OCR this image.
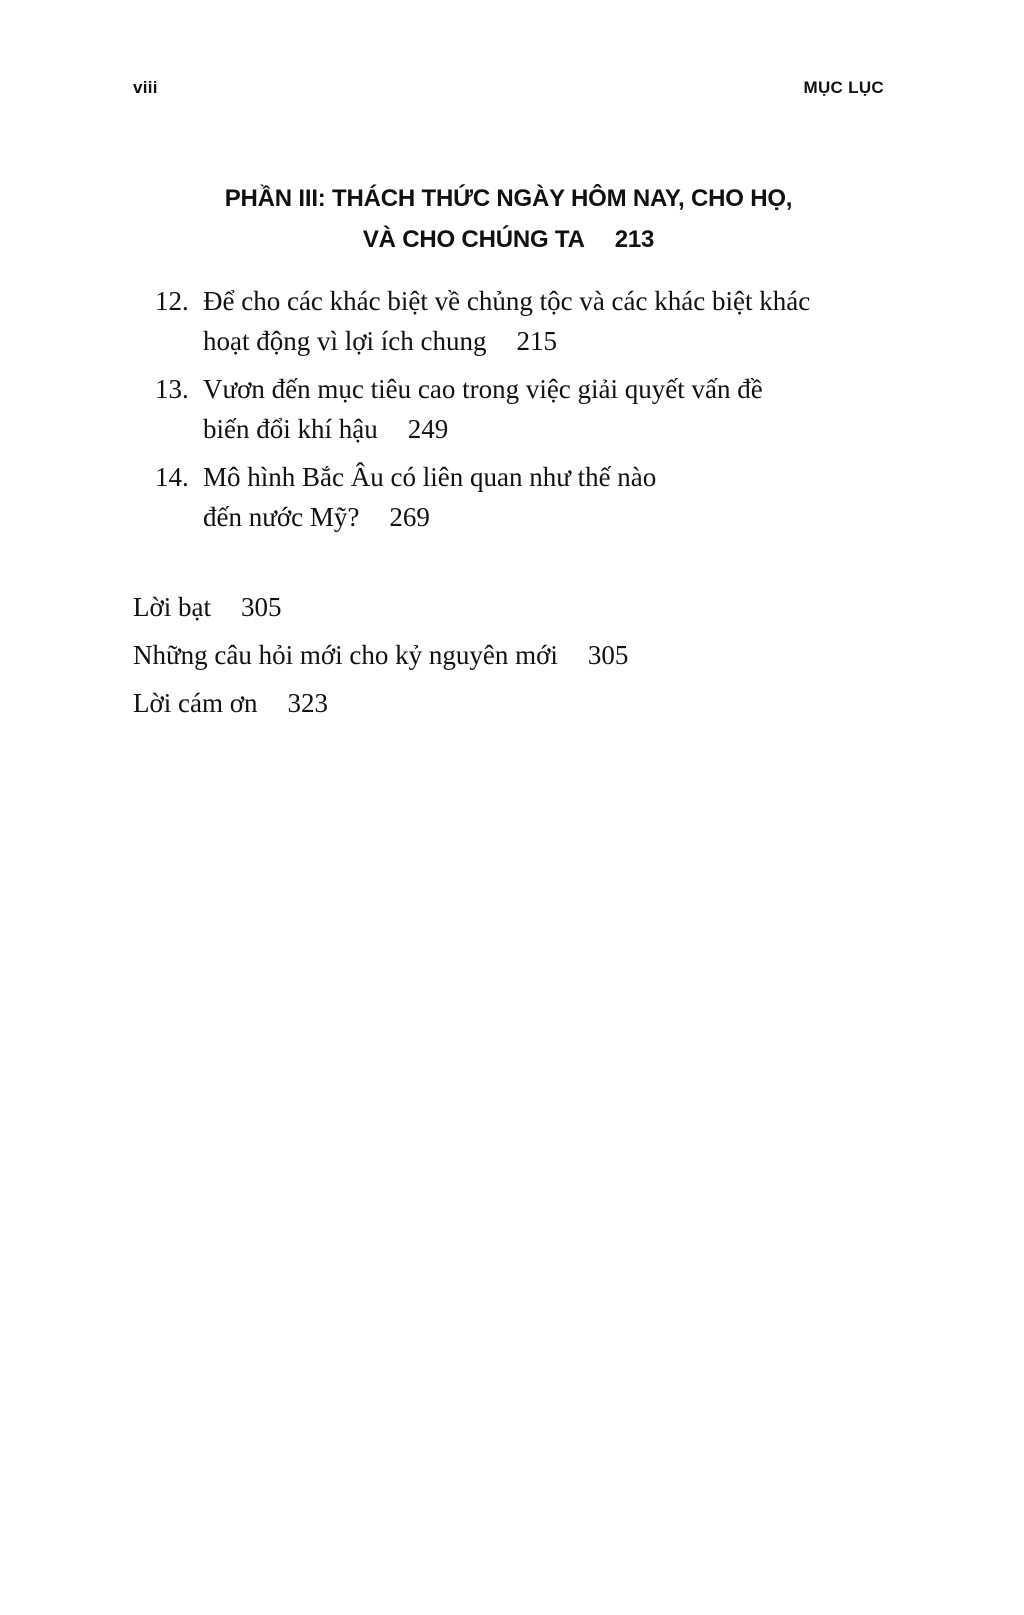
viii	MỤC LỤC
PHẦN III: THÁCH THỨC NGÀY HÔM NAY, CHO HỌ,
VÀ CHO CHÚNG TA 213
12. Để cho các khác biệt về chủng tộc và các khác biệt khác
hoạt động vì lợi ích chung 215
13. Vươn đến mục tiêu cao trong việc giải quyết vấn đề
biến đổi khí hậu 249
14. Mô hình Bắc Âu có liên quan như thế nào
đến nước Mỹ? 269
Lời bạt 305
Những câu hỏi mới cho kỷ nguyên mới 305
Lời cám ơn 323
